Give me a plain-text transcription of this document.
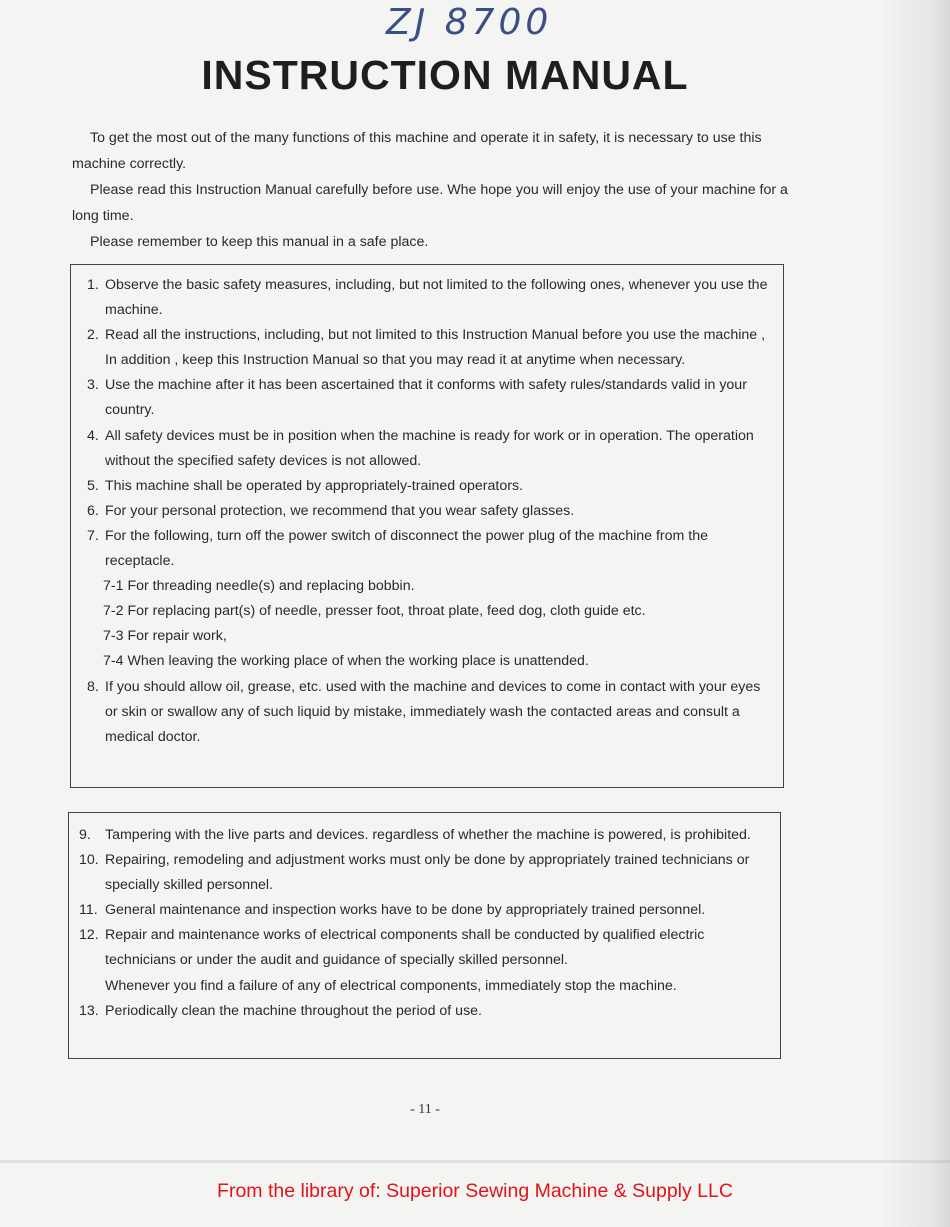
ZJ 8700
INSTRUCTION MANUAL

To get the most out of the many functions of this machine and operate it in safety, it is necessary to use this machine correctly.

Please read this Instruction Manual carefully before use. Whe hope you will enjoy the use of your machine for a long time.

Please remember to keep this manual in a safe place.

1. Observe the basic safety measures, including, but not limited to the following ones, whenever you use the machine.
2. Read all the instructions, including, but not limited to this Instruction Manual before you use the machine , In addition , keep this Instruction Manual so that you may read it at anytime when necessary.
3. Use the machine after it has been ascertained that it conforms with safety rules/standards valid in your country.
4. All safety devices must be in position when the machine is ready for work or in operation. The operation without the specified safety devices is not allowed.
5. This machine shall be operated by appropriately-trained operators.
6. For your personal protection, we recommend that you wear safety glasses.
7. For the following, turn off the power switch of disconnect the power plug of the machine from the receptacle.
7-1 For threading needle(s) and replacing bobbin.
7-2 For replacing part(s) of needle, presser foot, throat plate, feed dog, cloth guide etc.
7-3 For repair work,
7-4 When leaving the working place of when the working place is unattended.
8. If you should allow oil, grease, etc. used with the machine and devices to come in contact with your eyes or skin or swallow any of such liquid by mistake, immediately wash the contacted areas and consult a medical doctor.
9. Tampering with the live parts and devices. regardless of whether the machine is powered, is prohibited.
10. Repairing, remodeling and adjustment works must only be done by appropriately trained technicians or specially skilled personnel.
11. General maintenance and inspection works have to be done by appropriately trained personnel.
12. Repair and maintenance works of electrical components shall be conducted by qualified electric technicians or under the audit and guidance of specially skilled personnel.
Whenever you find a failure of any of electrical components, immediately stop the machine.
13. Periodically clean the machine throughout the period of use.
- 11 -
From the library of: Superior Sewing Machine & Supply LLC
